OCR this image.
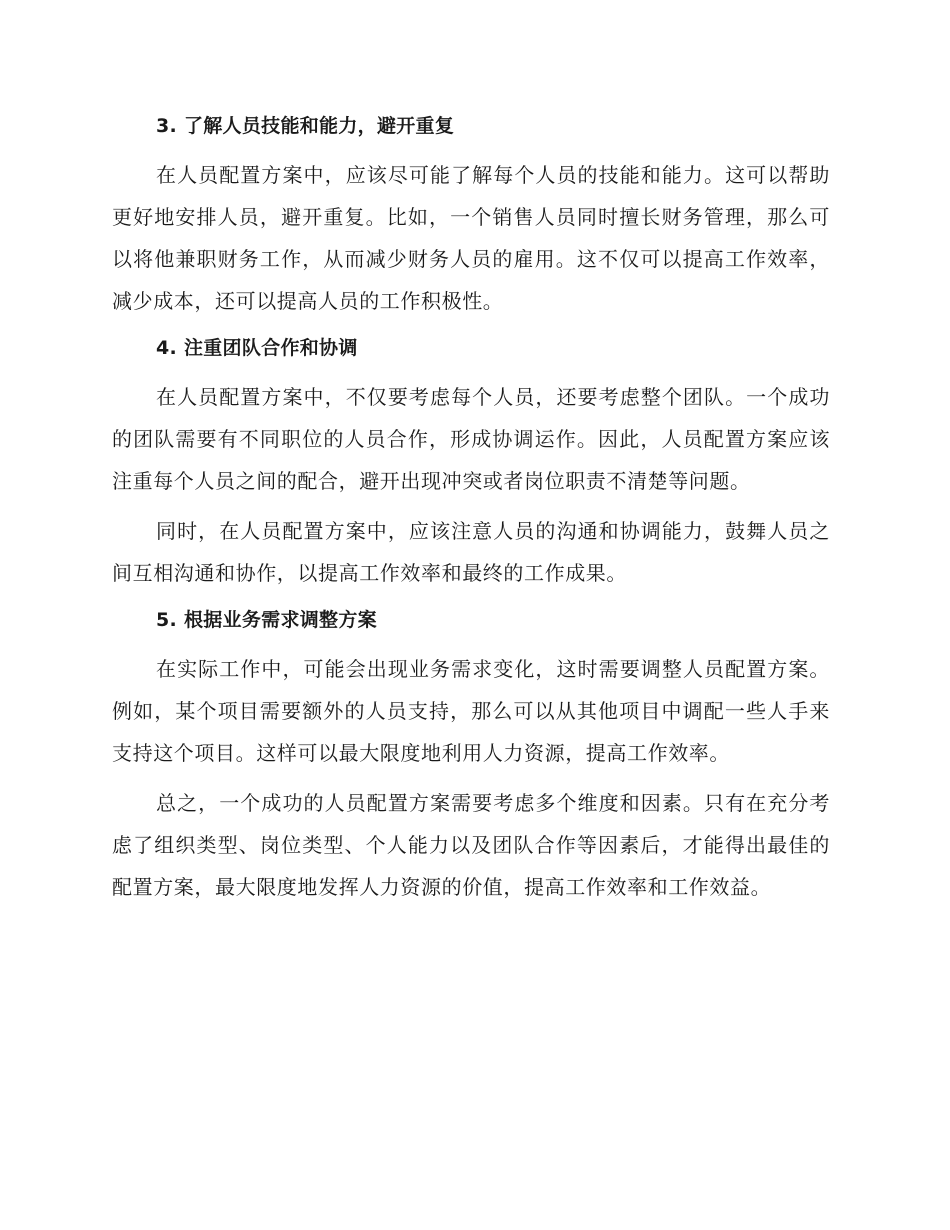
3. 了解人员技能和能力，避开重复

在人员配置方案中，应该尽可能了解每个人员的技能和能力。这可以帮助更好地安排人员，避开重复。比如，一个销售人员同时擅长财务管理，那么可以将他兼职财务工作，从而减少财务人员的雇用。这不仅可以提高工作效率，减少成本，还可以提高人员的工作积极性。

4. 注重团队合作和协调

在人员配置方案中，不仅要考虑每个人员，还要考虑整个团队。一个成功的团队需要有不同职位的人员合作，形成协调运作。因此，人员配置方案应该注重每个人员之间的配合，避开出现冲突或者岗位职责不清楚等问题。

同时，在人员配置方案中，应该注意人员的沟通和协调能力，鼓舞人员之间互相沟通和协作，以提高工作效率和最终的工作成果。

5. 根据业务需求调整方案

在实际工作中，可能会出现业务需求变化，这时需要调整人员配置方案。例如，某个项目需要额外的人员支持，那么可以从其他项目中调配一些人手来支持这个项目。这样可以最大限度地利用人力资源，提高工作效率。

总之，一个成功的人员配置方案需要考虑多个维度和因素。只有在充分考虑了组织类型、岗位类型、个人能力以及团队合作等因素后，才能得出最佳的配置方案，最大限度地发挥人力资源的价值，提高工作效率和工作效益。
